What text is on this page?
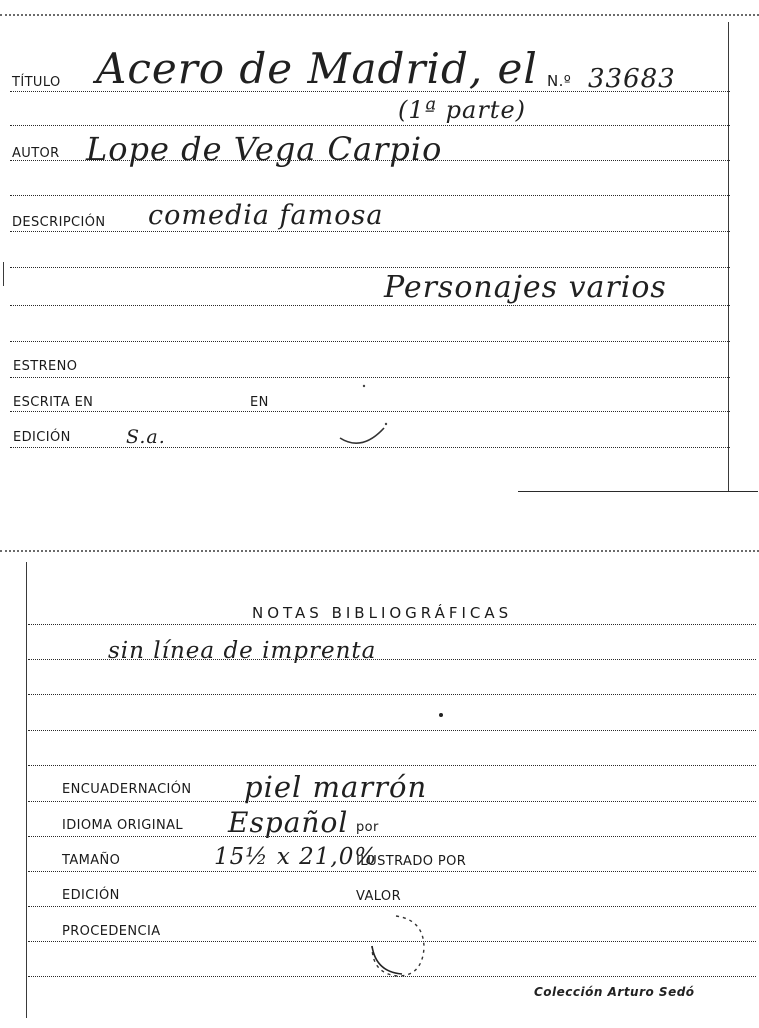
TÍTULO Acero de Madrid, el
(1ª parte)
N.º 33683
AUTOR Lope de Vega Carpio
DESCRIPCIÓN comedia famosa
Personajes varios
ESTRENO
ESCRITA EN	EN
EDICIÓN	S.a.
NOTAS BIBLIOGRÁFICAS
sin línea de imprenta
ENCUADERNACIÓN piel marrón
IDIOMA ORIGINAL Español por
TAMAÑO	15½ x 21,0%
ILUSTRADO POR
EDICIÓN	VALOR
PROCEDENCIA
Colección Arturo Sedó
